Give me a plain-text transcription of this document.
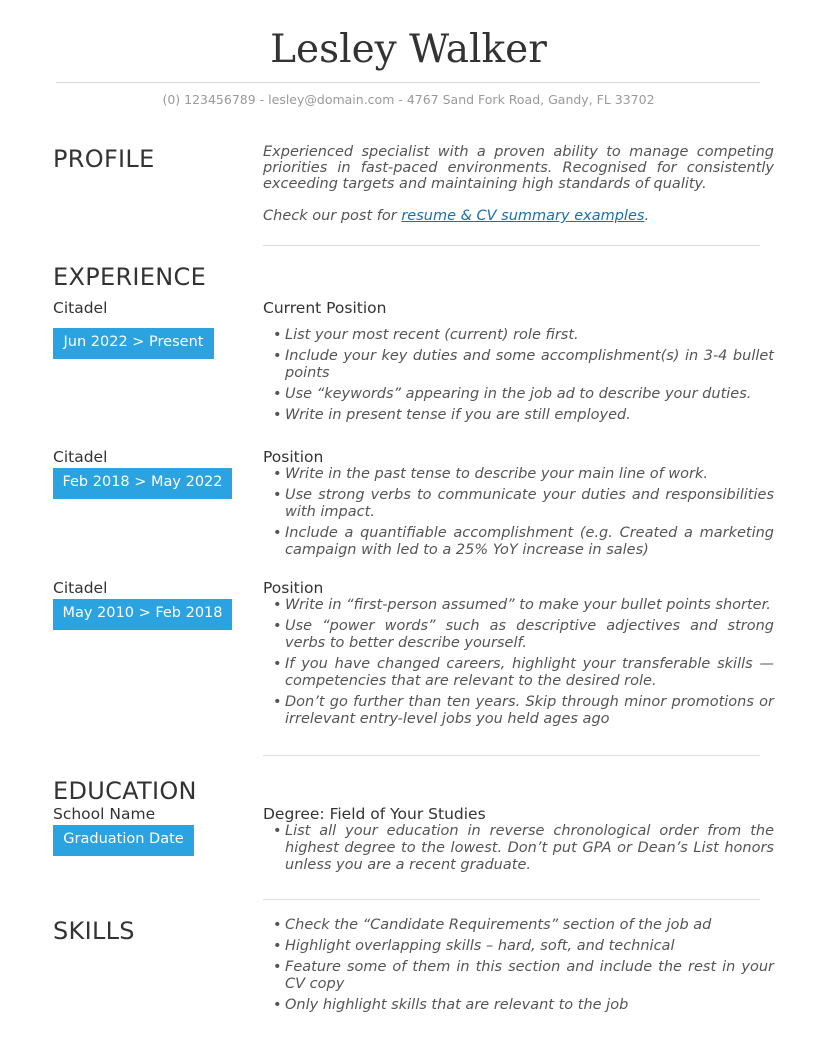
Lesley Walker
(0) 123456789 - lesley@domain.com - 4767 Sand Fork Road, Gandy, FL 33702
PROFILE	Experienced specialist with a proven ability to manage competing priorities in fast-paced environments. Recognised for consistently exceeding targets and maintaining high standards of quality.

Check our post for resume & CV summary examples.

EXPERIENCE
Citadel
Jun 2022 > Present
Current Position
• List your most recent (current) role first.
• Include your key duties and some accomplishment(s) in 3-4 bullet points
• Use “keywords” appearing in the job ad to describe your duties.
• Write in present tense if you are still employed.
Citadel
Feb 2018 > May 2022
Position
• Write in the past tense to describe your main line of work.
• Use strong verbs to communicate your duties and responsibilities with impact.
• Include a quantifiable accomplishment (e.g. Created a marketing campaign with led to a 25% YoY increase in sales)
Citadel
May 2010 > Feb 2018
Position
• Write in “first-person assumed” to make your bullet points shorter.
• Use “power words” such as descriptive adjectives and strong verbs to better describe yourself.
• If you have changed careers, highlight your transferable skills — competencies that are relevant to the desired role.
• Don’t go further than ten years. Skip through minor promotions or irrelevant entry-level jobs you held ages ago
EDUCATION
School Name
Graduation Date
Degree: Field of Your Studies
• List all your education in reverse chronological order from the highest degree to the lowest. Don’t put GPA or Dean’s List honors unless you are a recent graduate.
SKILLS
•	Check the “Candidate Requirements” section of the job ad
• Highlight overlapping skills – hard, soft, and technical
• Feature some of them in this section and include the rest in your CV copy
• Only highlight skills that are relevant to the job
